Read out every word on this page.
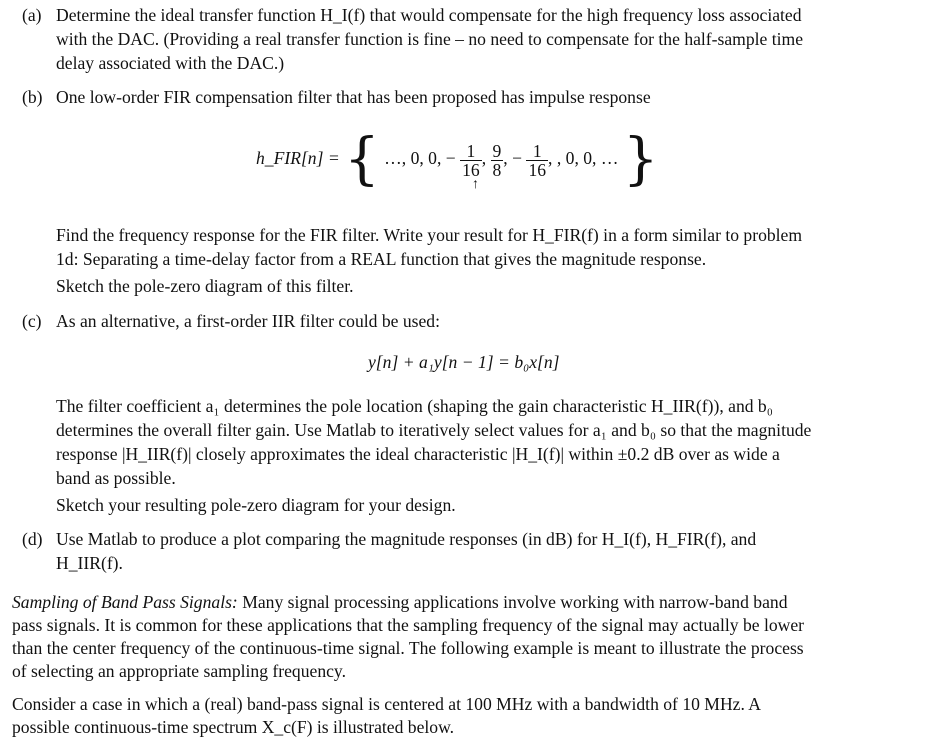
(a) Determine the ideal transfer function H_I(f) that would compensate for the high frequency loss associated
with the DAC. (Providing a real transfer function is fine – no need to compensate for the half-sample time
delay associated with the DAC.)
(b) One low-order FIR compensation filter that has been proposed has impulse response
h_FIR[n] = { …, 0, 0, − $\frac{1}{16}$ , $\frac{9}{8}$ , − $\frac{1}{16}$ , , 0, 0, … }
↑
Find the frequency response for the FIR filter. Write your result for H_FIR(f) in a form similar to problem
1d: Separating a time-delay factor from a REAL function that gives the magnitude response.
Sketch the pole-zero diagram of this filter.
(c) As an alternative, a first-order IIR filter could be used:
y[n] + a₁y[n − 1] = b₀x[n]
The filter coefficient a₁ determines the pole location (shaping the gain characteristic H_IIR(f)), and b₀
determines the overall filter gain. Use Matlab to iteratively select values for a₁ and b₀ so that the magnitude
response |H_IIR(f)| closely approximates the ideal characteristic |H_I(f)| within ±0.2 dB over as wide a
band as possible.
Sketch your resulting pole-zero diagram for your design.
(d) Use Matlab to produce a plot comparing the magnitude responses (in dB) for H_I(f), H_FIR(f), and
H_IIR(f).
Sampling of Band Pass Signals: Many signal processing applications involve working with narrow-band band
pass signals. It is common for these applications that the sampling frequency of the signal may actually be lower
than the center frequency of the continuous-time signal. The following example is meant to illustrate the process
of selecting an appropriate sampling frequency.
Consider a case in which a (real) band-pass signal is centered at 100 MHz with a bandwidth of 10 MHz. A
possible continuous-time spectrum X_c(F) is illustrated below.
